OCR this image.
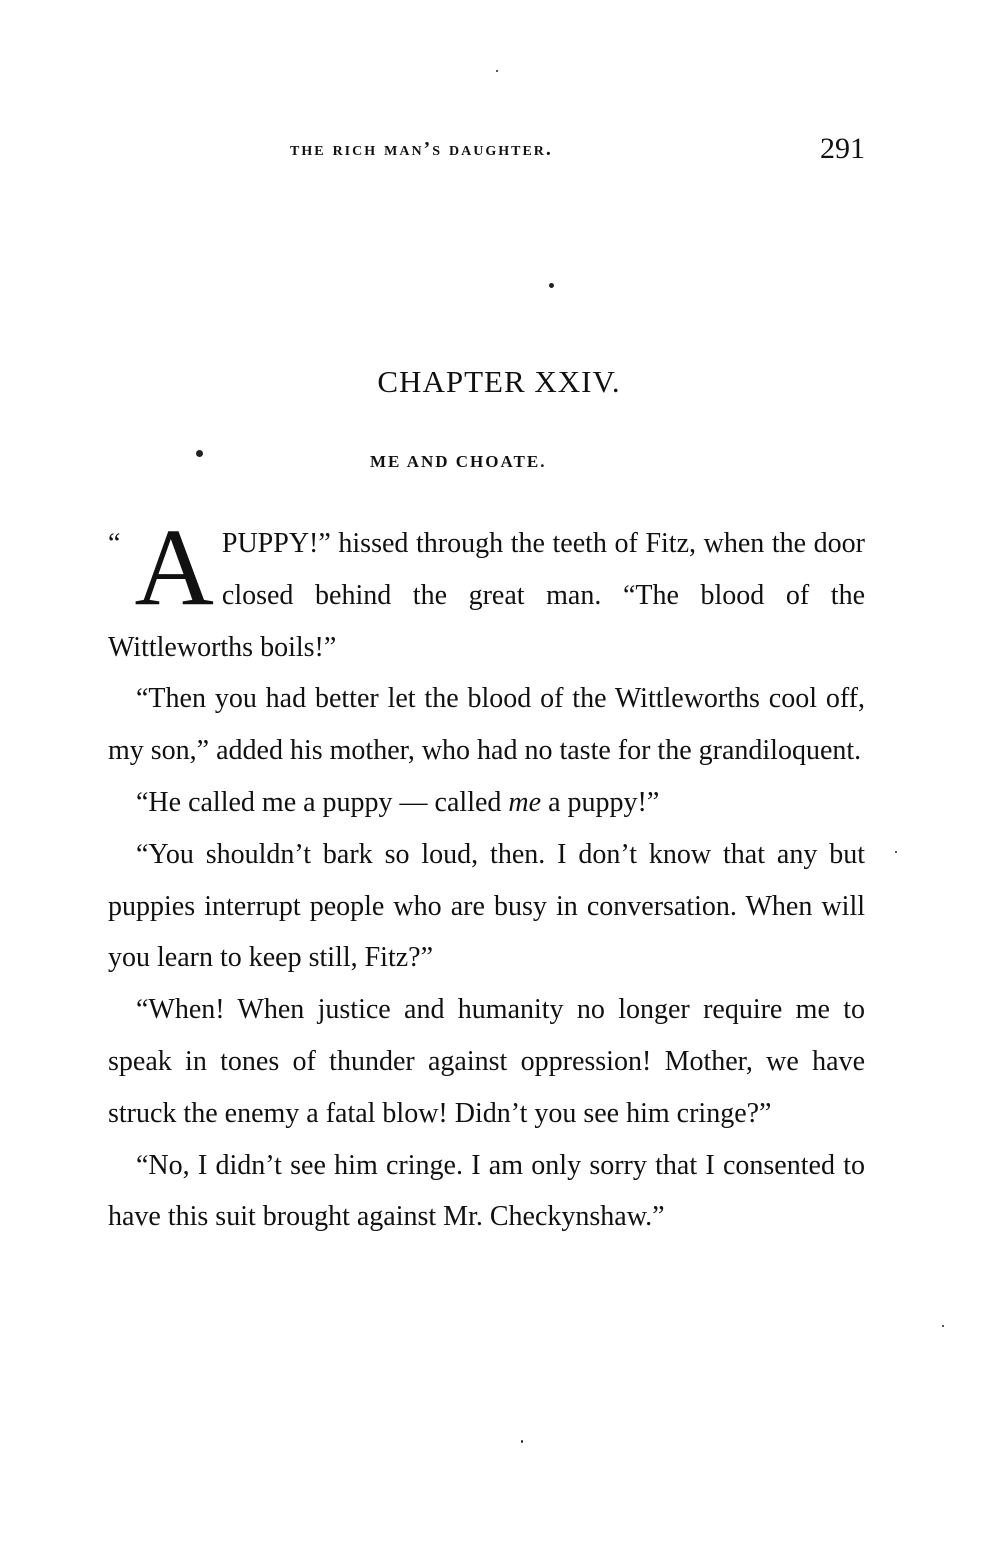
the rich man’s daughter.	291
CHAPTER XXIV.
ME AND CHOATE.

“ A PUPPY!” hissed through the teeth of Fitz, when the door closed behind the great man. “The blood of the Wittleworths boils!”

“Then you had better let the blood of the Wittleworths cool off, my son,” added his mother, who had no taste for the grandiloquent.

“He called me a puppy — called me a puppy!”

“You shouldn’t bark so loud, then. I don’t know that any but puppies interrupt people who are busy in conversation. When will you learn to keep still, Fitz?”

“When! When justice and humanity no longer require me to speak in tones of thunder against oppression! Mother, we have struck the enemy a fatal blow! Didn’t you see him cringe?”

“No, I didn’t see him cringe. I am only sorry that I consented to have this suit brought against Mr. Checkynshaw.”
